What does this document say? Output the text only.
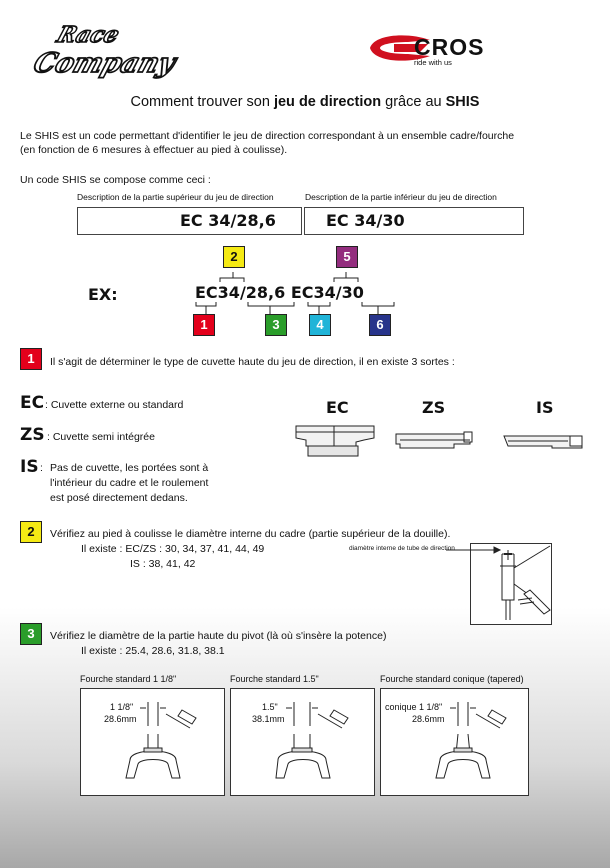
Race
Company	CROS
ride with us
Comment trouver son jeu de direction grâce au SHIS
Le SHIS est un code permettant d'identifier le jeu de direction correspondant à un ensemble cadre/fourche
(en fonction de 6 mesures à effectuer au pied à coulisse).
Un code SHIS se compose comme ceci :
Description de la partie supérieur du jeu de direction	Description de la partie inférieur du jeu de direction
EC 34/28,6	EC 34/30
EX:	EC34/28,6 EC34/30
1
2
3	4
5
6
1	Il s'agit de déterminer le type de cuvette haute du jeu de direction, il en existe 3 sortes :
EC : Cuvette externe ou standard
ZS : Cuvette semi intégrée
IS : Pas de cuvette, les portées sont à
l'intérieur du cadre et le roulement
est posé directement dedans.
EC	ZS	IS
2	Vérifiez au pied à coulisse le diamètre interne du cadre (partie supérieur de la douille).
Il existe : EC/ZS : 30, 34, 37, 41, 44, 49
IS : 38, 41, 42
diamètre interne de tube de direction
3	Vérifiez le diamètre de la partie haute du pivot (là où s'insère la potence)
Il existe : 25.4, 28.6, 31.8, 38.1
Fourche standard 1 1/8"
1 1/8"
28.6mm
Fourche standard 1.5"
1.5"
38.1mm
Fourche standard conique (tapered)
conique 1 1/8"
28.6mm
